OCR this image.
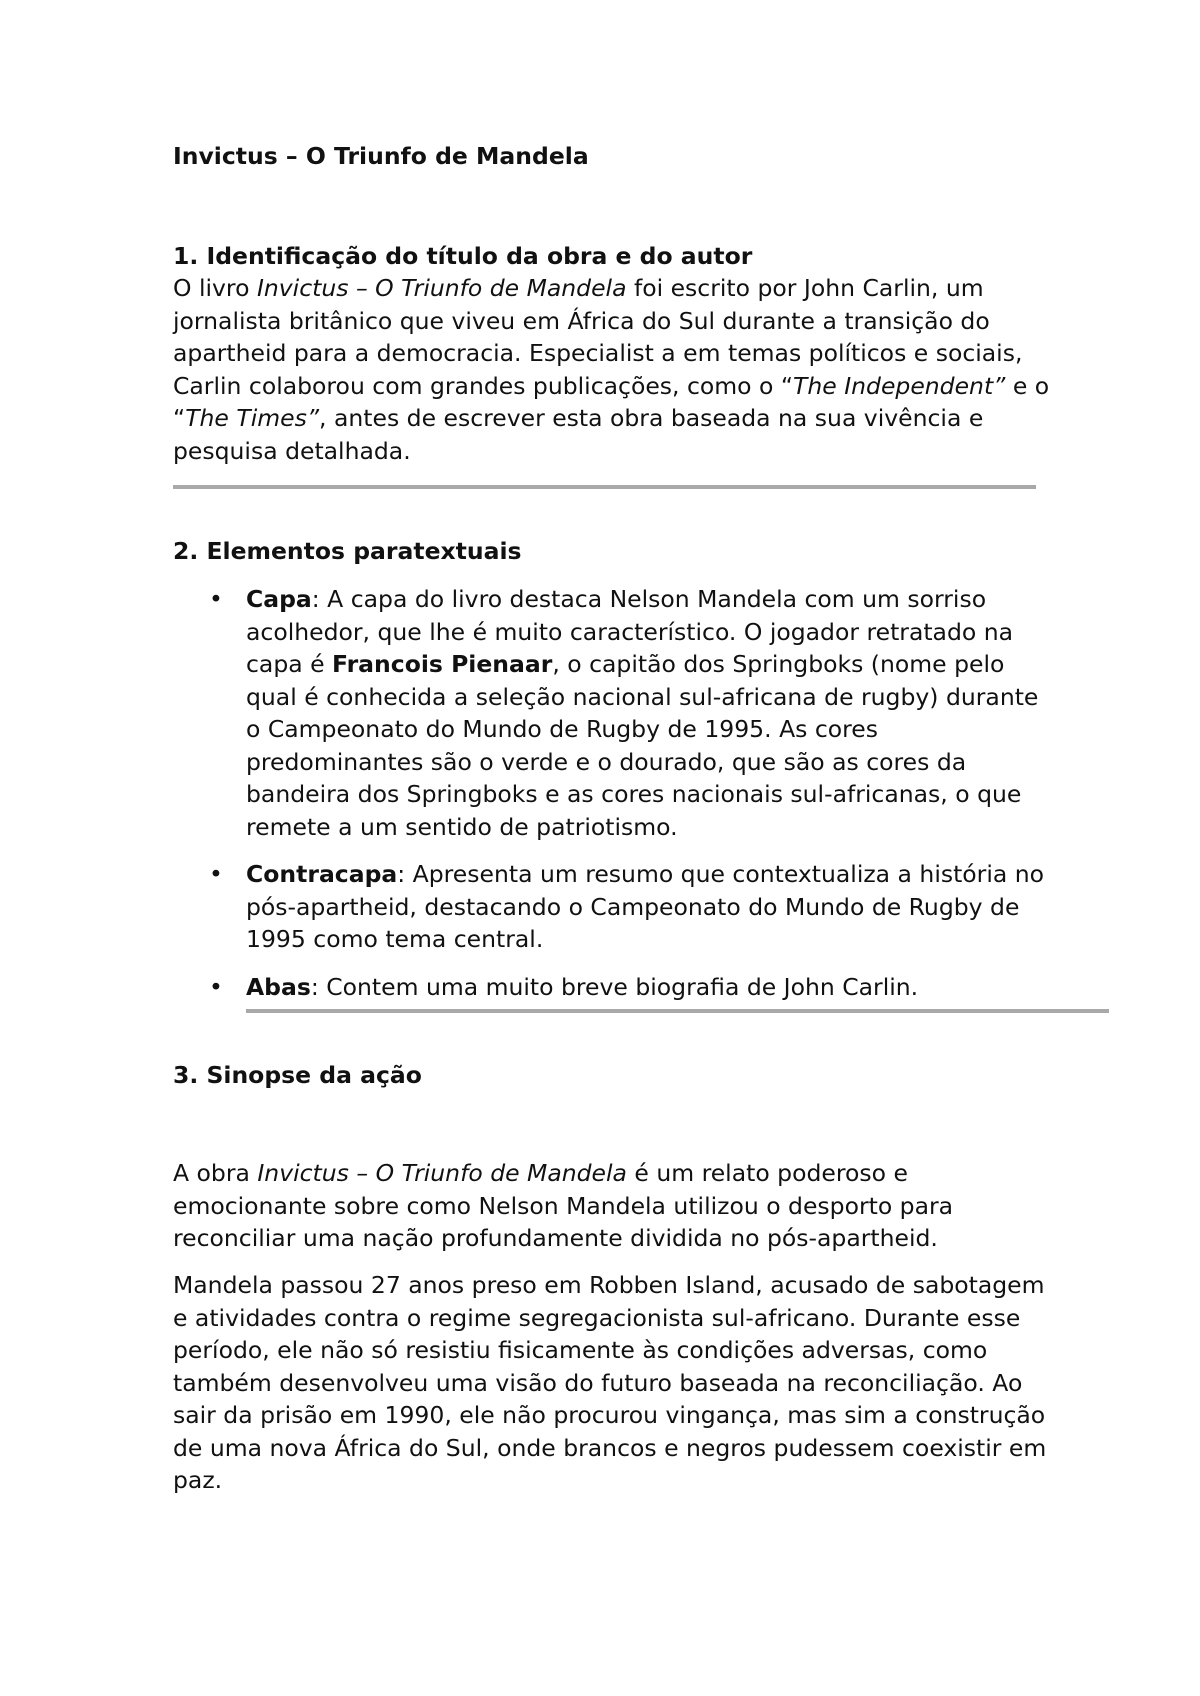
Invictus – O Triunfo de Mandela
1. Identificação do título da obra e do autor

O livro Invictus – O Triunfo de Mandela foi escrito por John Carlin, um jornalista britânico que viveu em África do Sul durante a transição do apartheid para a democracia. Especialist a em temas políticos e sociais, Carlin colaborou com grandes publicações, como o “The Independent” e o “The Times”, antes de escrever esta obra baseada na sua vivência e pesquisa detalhada.

2. Elementos paratextuais
• Capa: A capa do livro destaca Nelson Mandela com um sorriso acolhedor, que lhe é muito característico. O jogador retratado na capa é Francois Pienaar, o capitão dos Springboks (nome pelo qual é conhecida a seleção nacional sul-africana de rugby) durante o Campeonato do Mundo de Rugby de 1995. As cores predominantes são o verde e o dourado, que são as cores da bandeira dos Springboks e as cores nacionais sul-africanas, o que remete a um sentido de patriotismo.
• Contracapa: Apresenta um resumo que contextualiza a história no pós-apartheid, destacando o Campeonato do Mundo de Rugby de 1995 como tema central.
• Abas: Contem uma muito breve biografia de John Carlin.
3. Sinopse da ação

A obra Invictus – O Triunfo de Mandela é um relato poderoso e emocionante sobre como Nelson Mandela utilizou o desporto para reconciliar uma nação profundamente dividida no pós-apartheid.

Mandela passou 27 anos preso em Robben Island, acusado de sabotagem e atividades contra o regime segregacionista sul-africano. Durante esse período, ele não só resistiu fisicamente às condições adversas, como também desenvolveu uma visão do futuro baseada na reconciliação. Ao sair da prisão em 1990, ele não procurou vingança, mas sim a construção de uma nova África do Sul, onde brancos e negros pudessem coexistir em paz.
